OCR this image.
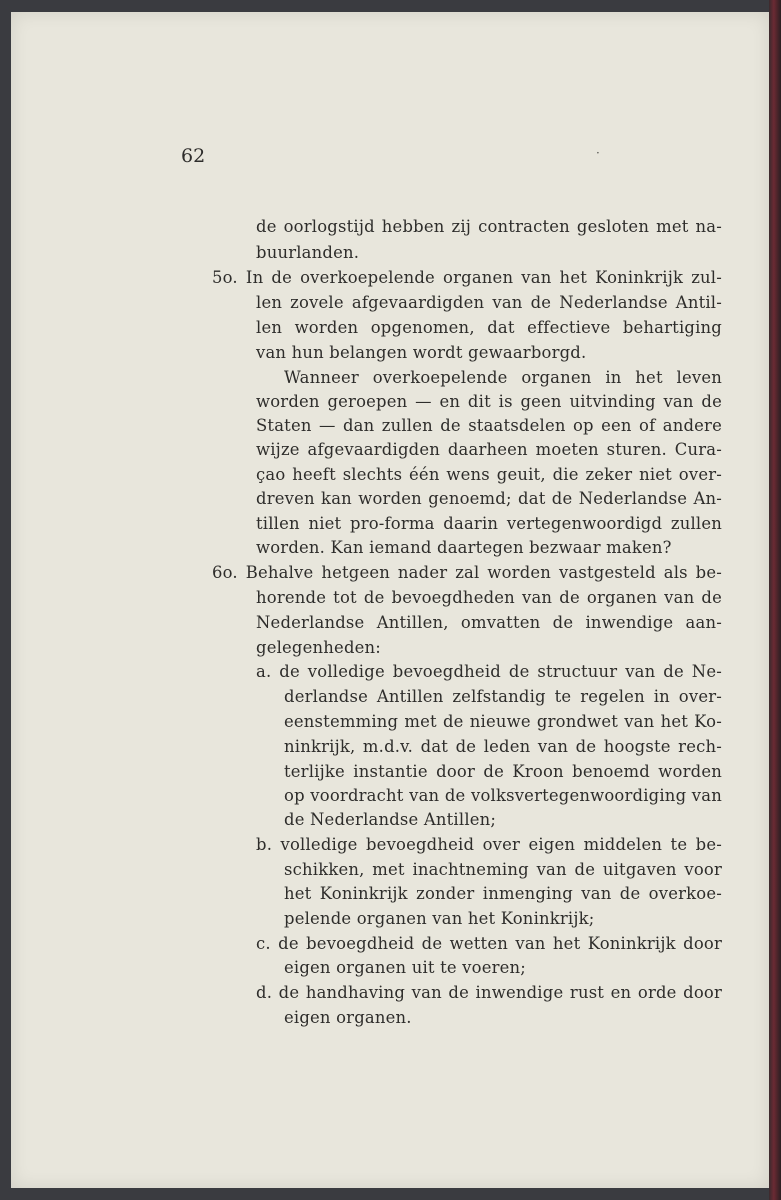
62	·
de oorlogstijd hebben zij contracten gesloten met na-
buurlanden.
5o. In de overkoepelende organen van het Koninkrijk zul-
len zovele afgevaardigden van de Nederlandse Antil-
len worden opgenomen, dat effectieve behartiging
van hun belangen wordt gewaarborgd.
Wanneer overkoepelende organen in het leven
worden geroepen — en dit is geen uitvinding van de
Staten — dan zullen de staatsdelen op een of andere
wijze afgevaardigden daarheen moeten sturen. Cura-
çao heeft slechts één wens geuit, die zeker niet over-
dreven kan worden genoemd; dat de Nederlandse An-
tillen niet pro-forma daarin vertegenwoordigd zullen
worden. Kan iemand daartegen bezwaar maken?
6o. Behalve hetgeen nader zal worden vastgesteld als be-
horende tot de bevoegdheden van de organen van de
Nederlandse Antillen, omvatten de inwendige aan-
gelegenheden:
a. de volledige bevoegdheid de structuur van de Ne-
derlandse Antillen zelfstandig te regelen in over-
eenstemming met de nieuwe grondwet van het Ko-
ninkrijk, m.d.v. dat de leden van de hoogste rech-
terlijke instantie door de Kroon benoemd worden
op voordracht van de volksvertegenwoordiging van
de Nederlandse Antillen;
b. volledige bevoegdheid over eigen middelen te be-
schikken, met inachtneming van de uitgaven voor
het Koninkrijk zonder inmenging van de overkoe-
pelende organen van het Koninkrijk;
c. de bevoegdheid de wetten van het Koninkrijk door
eigen organen uit te voeren;
d. de handhaving van de inwendige rust en orde door
eigen organen.
